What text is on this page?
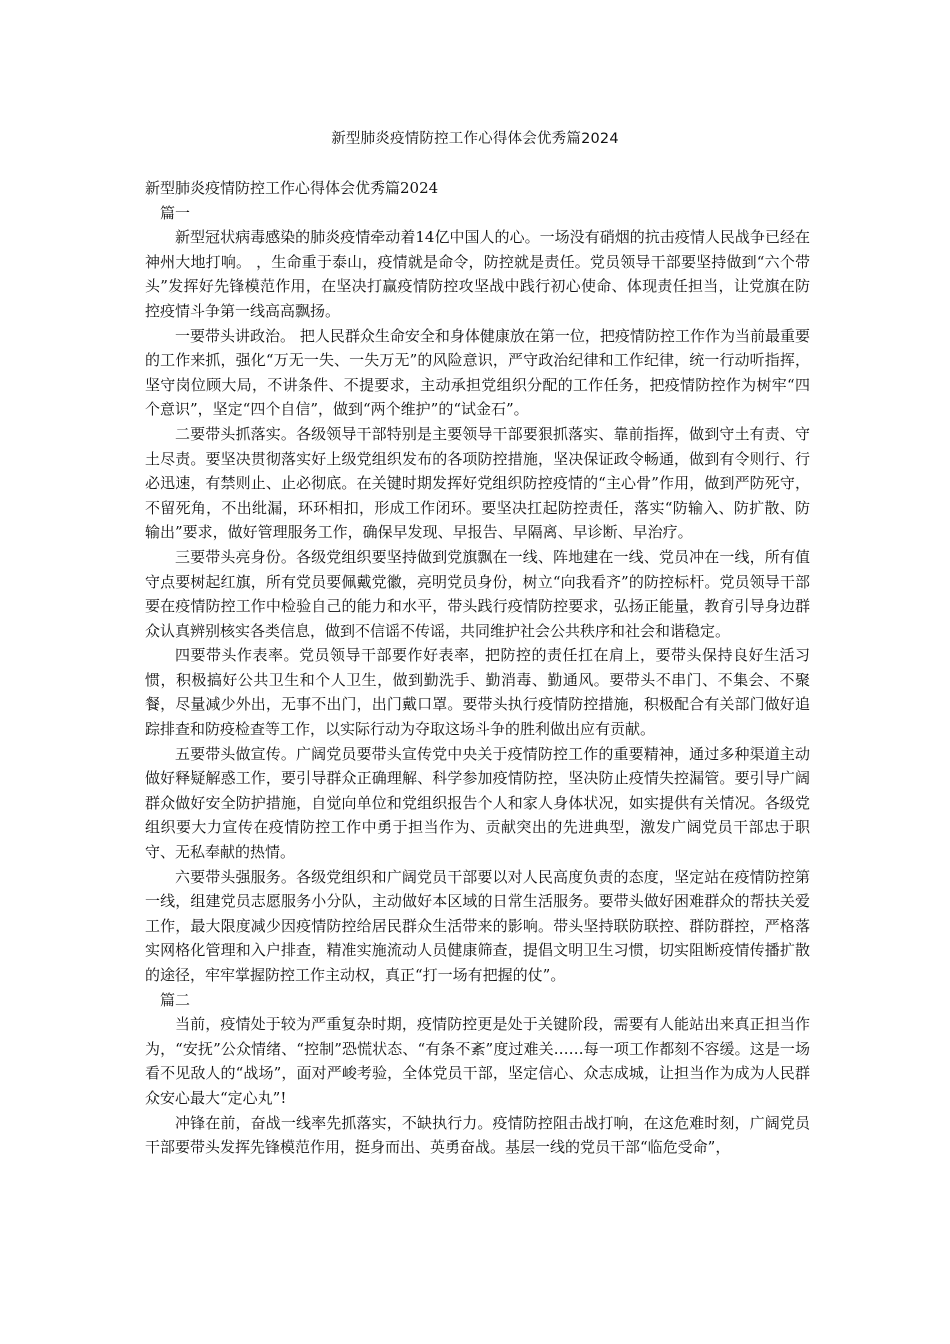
新型肺炎疫情防控工作心得体会优秀篇2024

新型肺炎疫情防控工作心得体会优秀篇2024

篇一

新型冠状病毒感染的肺炎疫情牵动着14亿中国人的心。一场没有硝烟的抗击疫情人民战争已经在神州大地打响。 ，生命重于泰山，疫情就是命令，防控就是责任。党员领导干部要坚持做到“六个带头”发挥好先锋模范作用，在坚决打赢疫情防控攻坚战中践行初心使命、体现责任担当，让党旗在防控疫情斗争第一线高高飘扬。

一要带头讲政治。 把人民群众生命安全和身体健康放在第一位，把疫情防控工作作为当前最重要的工作来抓，强化“万无一失、一失万无”的风险意识，严守政治纪律和工作纪律，统一行动听指挥，坚守岗位顾大局，不讲条件、不提要求，主动承担党组织分配的工作任务，把疫情防控作为树牢“四个意识”，坚定“四个自信”，做到“两个维护”的“试金石”。

二要带头抓落实。各级领导干部特别是主要领导干部要狠抓落实、靠前指挥，做到守土有责、守土尽责。要坚决贯彻落实好上级党组织发布的各项防控措施，坚决保证政令畅通，做到有令则行、行必迅速，有禁则止、止必彻底。在关键时期发挥好党组织防控疫情的“主心骨”作用，做到严防死守，不留死角，不出纰漏，环环相扣，形成工作闭环。要坚决扛起防控责任，落实“防输入、防扩散、防输出”要求，做好管理服务工作，确保早发现、早报告、早隔离、早诊断、早治疗。

三要带头亮身份。各级党组织要坚持做到党旗飘在一线、阵地建在一线、党员冲在一线，所有值守点要树起红旗，所有党员要佩戴党徽，亮明党员身份，树立“向我看齐”的防控标杆。党员领导干部要在疫情防控工作中检验自己的能力和水平，带头践行疫情防控要求，弘扬正能量，教育引导身边群众认真辨别核实各类信息，做到不信谣不传谣，共同维护社会公共秩序和社会和谐稳定。

四要带头作表率。党员领导干部要作好表率，把防控的责任扛在肩上，要带头保持良好生活习惯，积极搞好公共卫生和个人卫生，做到勤洗手、勤消毒、勤通风。要带头不串门、不集会、不聚餐，尽量减少外出，无事不出门，出门戴口罩。要带头执行疫情防控措施，积极配合有关部门做好追踪排查和防疫检查等工作，以实际行动为夺取这场斗争的胜利做出应有贡献。

五要带头做宣传。广阔党员要带头宣传党中央关于疫情防控工作的重要精神，通过多种渠道主动做好释疑解惑工作，要引导群众正确理解、科学参加疫情防控，坚决防止疫情失控漏管。要引导广阔群众做好安全防护措施，自觉向单位和党组织报告个人和家人身体状况，如实提供有关情况。各级党组织要大力宣传在疫情防控工作中勇于担当作为、贡献突出的先进典型，激发广阔党员干部忠于职守、无私奉献的热情。

六要带头强服务。各级党组织和广阔党员干部要以对人民高度负责的态度，坚定站在疫情防控第一线，组建党员志愿服务小分队，主动做好本区域的日常生活服务。要带头做好困难群众的帮扶关爱工作，最大限度减少因疫情防控给居民群众生活带来的影响。带头坚持联防联控、群防群控，严格落实网格化管理和入户排查，精准实施流动人员健康筛查，提倡文明卫生习惯，切实阻断疫情传播扩散的途径，牢牢掌握防控工作主动权，真正“打一场有把握的仗”。

篇二

当前，疫情处于较为严重复杂时期，疫情防控更是处于关键阶段，需要有人能站出来真正担当作为，“安抚”公众情绪、“控制”恐慌状态、“有条不紊”度过难关……每一项工作都刻不容缓。这是一场看不见敌人的“战场”，面对严峻考验，全体党员干部，坚定信心、众志成城，让担当作为成为人民群众安心最大“定心丸”!

冲锋在前，奋战一线率先抓落实，不缺执行力。疫情防控阻击战打响，在这危难时刻，广阔党员干部要带头发挥先锋模范作用，挺身而出、英勇奋战。基层一线的党员干部“临危受命”，
